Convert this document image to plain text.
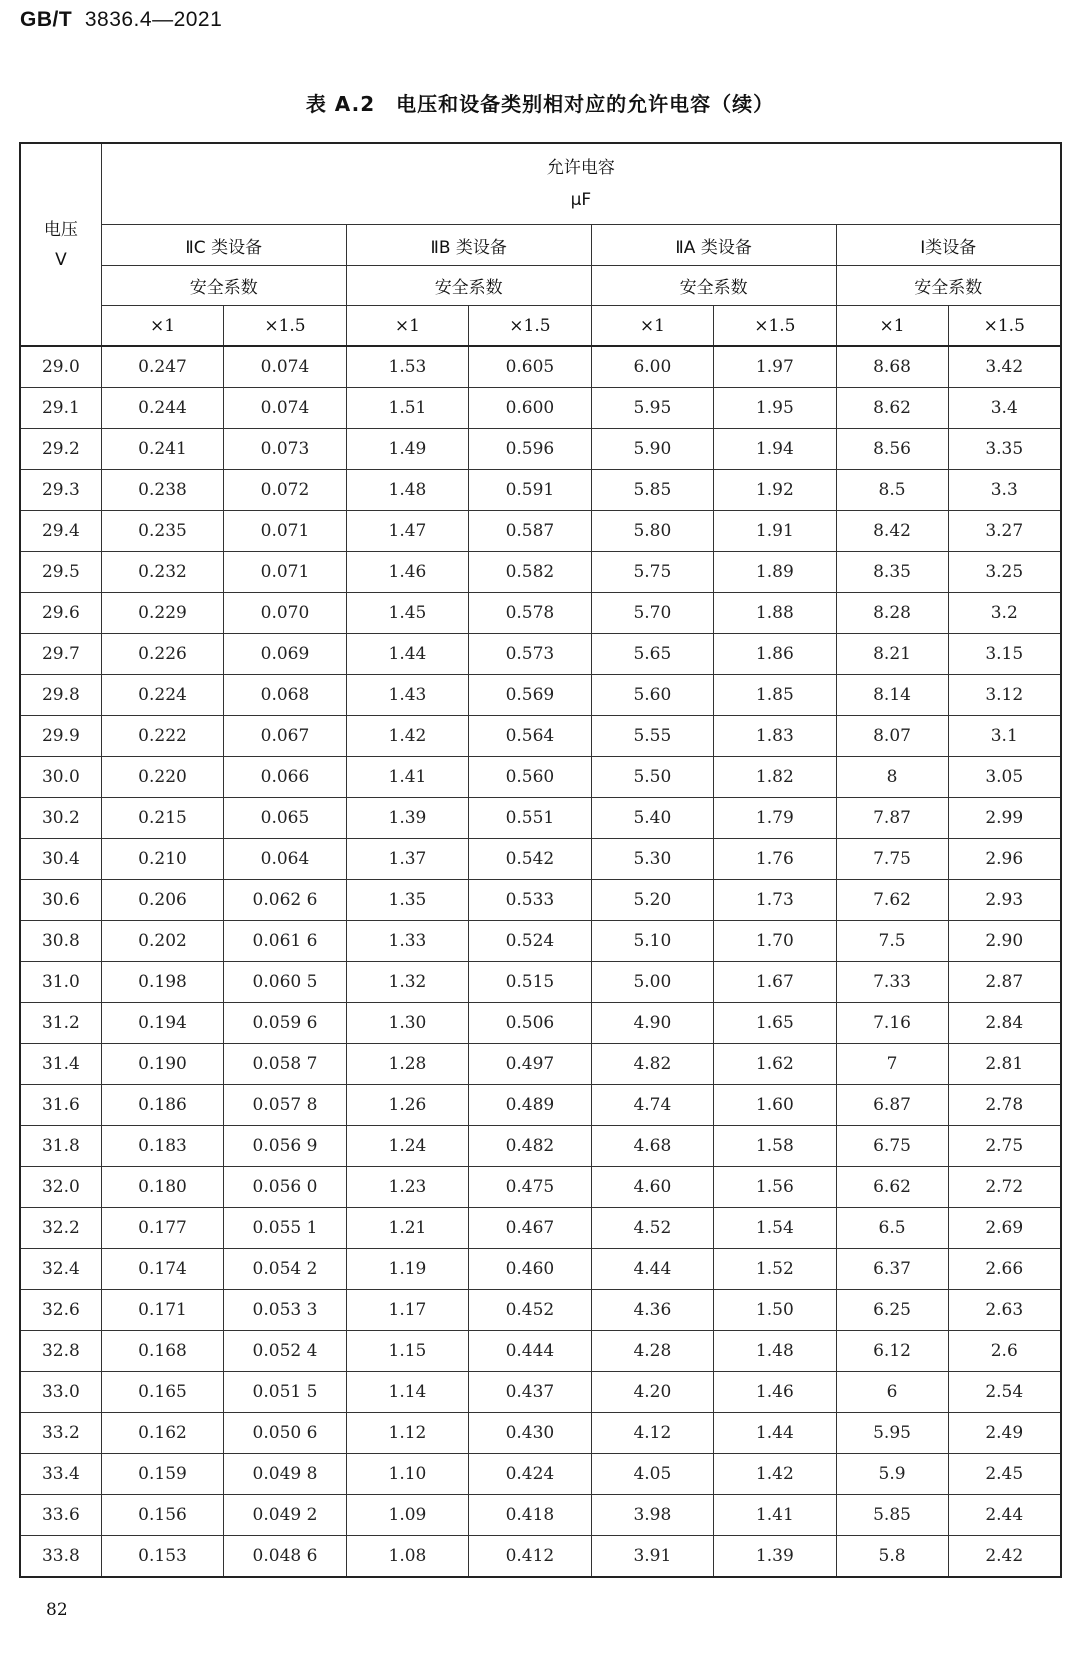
GB/T 3836.4—2021
表 A.2　电压和设备类别相对应的允许电容（续）
电压
V	允许电容
μF							
	ⅡC 类设备		ⅡB 类设备		ⅡA 类设备		Ⅰ类设备	
	安全系数		安全系数		安全系数		安全系数	
	×1	×1.5	×1	×1.5	×1	×1.5	×1	×1.5
29.0	0.247	0.074	1.53	0.605	6.00	1.97	8.68	3.42
29.1	0.244	0.074	1.51	0.600	5.95	1.95	8.62	3.4
29.2	0.241	0.073	1.49	0.596	5.90	1.94	8.56	3.35
29.3	0.238	0.072	1.48	0.591	5.85	1.92	8.5	3.3
29.4	0.235	0.071	1.47	0.587	5.80	1.91	8.42	3.27
29.5	0.232	0.071	1.46	0.582	5.75	1.89	8.35	3.25
29.6	0.229	0.070	1.45	0.578	5.70	1.88	8.28	3.2
29.7	0.226	0.069	1.44	0.573	5.65	1.86	8.21	3.15
29.8	0.224	0.068	1.43	0.569	5.60	1.85	8.14	3.12
29.9	0.222	0.067	1.42	0.564	5.55	1.83	8.07	3.1
30.0	0.220	0.066	1.41	0.560	5.50	1.82	8	3.05
30.2	0.215	0.065	1.39	0.551	5.40	1.79	7.87	2.99
30.4	0.210	0.064	1.37	0.542	5.30	1.76	7.75	2.96
30.6	0.206	0.062 6	1.35	0.533	5.20	1.73	7.62	2.93
30.8	0.202	0.061 6	1.33	0.524	5.10	1.70	7.5	2.90
31.0	0.198	0.060 5	1.32	0.515	5.00	1.67	7.33	2.87
31.2	0.194	0.059 6	1.30	0.506	4.90	1.65	7.16	2.84
31.4	0.190	0.058 7	1.28	0.497	4.82	1.62	7	2.81
31.6	0.186	0.057 8	1.26	0.489	4.74	1.60	6.87	2.78
31.8	0.183	0.056 9	1.24	0.482	4.68	1.58	6.75	2.75
32.0	0.180	0.056 0	1.23	0.475	4.60	1.56	6.62	2.72
32.2	0.177	0.055 1	1.21	0.467	4.52	1.54	6.5	2.69
32.4	0.174	0.054 2	1.19	0.460	4.44	1.52	6.37	2.66
32.6	0.171	0.053 3	1.17	0.452	4.36	1.50	6.25	2.63
32.8	0.168	0.052 4	1.15	0.444	4.28	1.48	6.12	2.6
33.0	0.165	0.051 5	1.14	0.437	4.20	1.46	6	2.54
33.2	0.162	0.050 6	1.12	0.430	4.12	1.44	5.95	2.49
33.4	0.159	0.049 8	1.10	0.424	4.05	1.42	5.9	2.45
33.6	0.156	0.049 2	1.09	0.418	3.98	1.41	5.85	2.44
33.8	0.153	0.048 6	1.08	0.412	3.91	1.39	5.8	2.42
82
